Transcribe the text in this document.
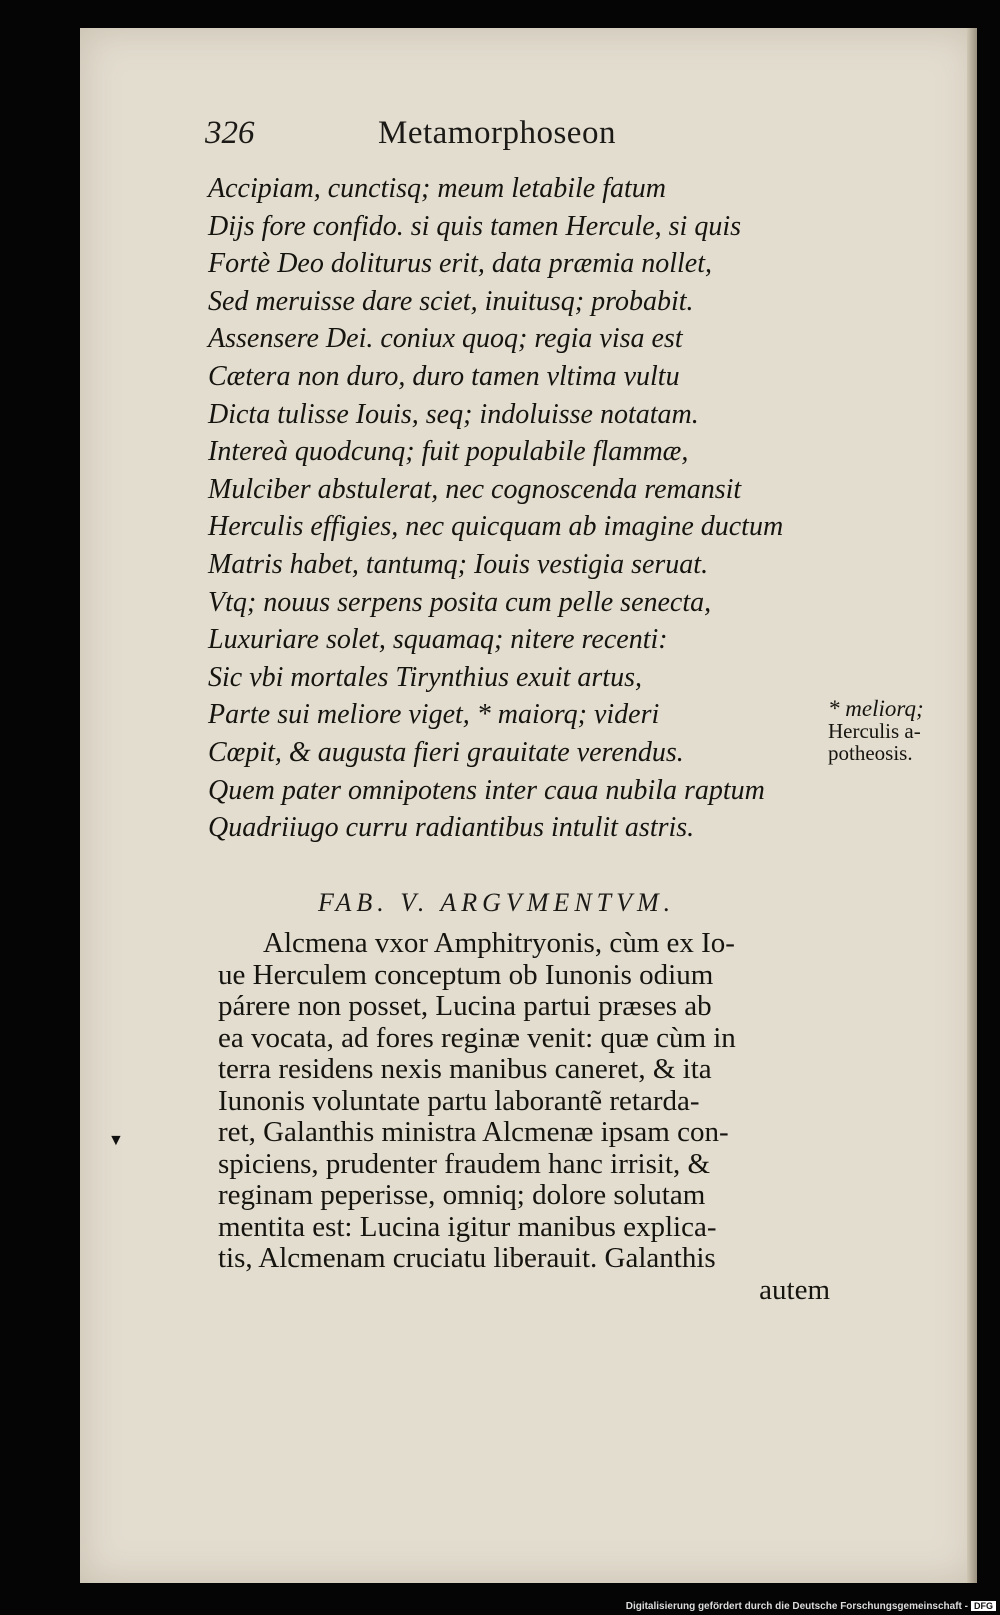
326	Metamorphoseon
Accipiam, cunctisq; meum letabile fatum
Dijs fore confido. si quis tamen Hercule, si quis
Fortè Deo doliturus erit, data præmia nollet,
Sed meruisse dare sciet, inuitusq; probabit.
Assensere Dei. coniux quoq; regia visa est
Cætera non duro, duro tamen vltima vultu
Dicta tulisse Iouis, seq; indoluisse notatam.
Intereà quodcunq; fuit populabile flammæ,
Mulciber abstulerat, nec cognoscenda remansit
Herculis effigies, nec quicquam ab imagine ductum
Matris habet, tantumq; Iouis vestigia seruat.
Vtq; nouus serpens posita cum pelle senecta,
Luxuriare solet, squamaq; nitere recenti:
Sic vbi mortales Tirynthius exuit artus,
Parte sui meliore viget, * maiorq; videri
Cœpit, & augusta fieri grauitate verendus.
Quem pater omnipotens inter caua nubila raptum
Quadriiugo curru radiantibus intulit astris.
* meliorq;
Herculis a-
potheosis.
FAB. V. ARGVMENTVM.
Alcmena vxor Amphitryonis, cùm ex Io-
ue Herculem conceptum ob Iunonis odium
párere non posset, Lucina partui præses ab
ea vocata, ad fores reginæ venit: quæ cùm in
terra residens nexis manibus caneret, & ita
Iunonis voluntate partu laborantẽ retarda-
ret, Galanthis ministra Alcmenæ ipsam con-
spiciens, prudenter fraudem hanc irrisit, &
reginam peperisse, omniq; dolore solutam
mentita est: Lucina igitur manibus explica-
tis, Alcmenam cruciatu liberauit. Galanthis
autem
▼
Digitalisierung gefördert durch die Deutsche Forschungsgemeinschaft - DFG
